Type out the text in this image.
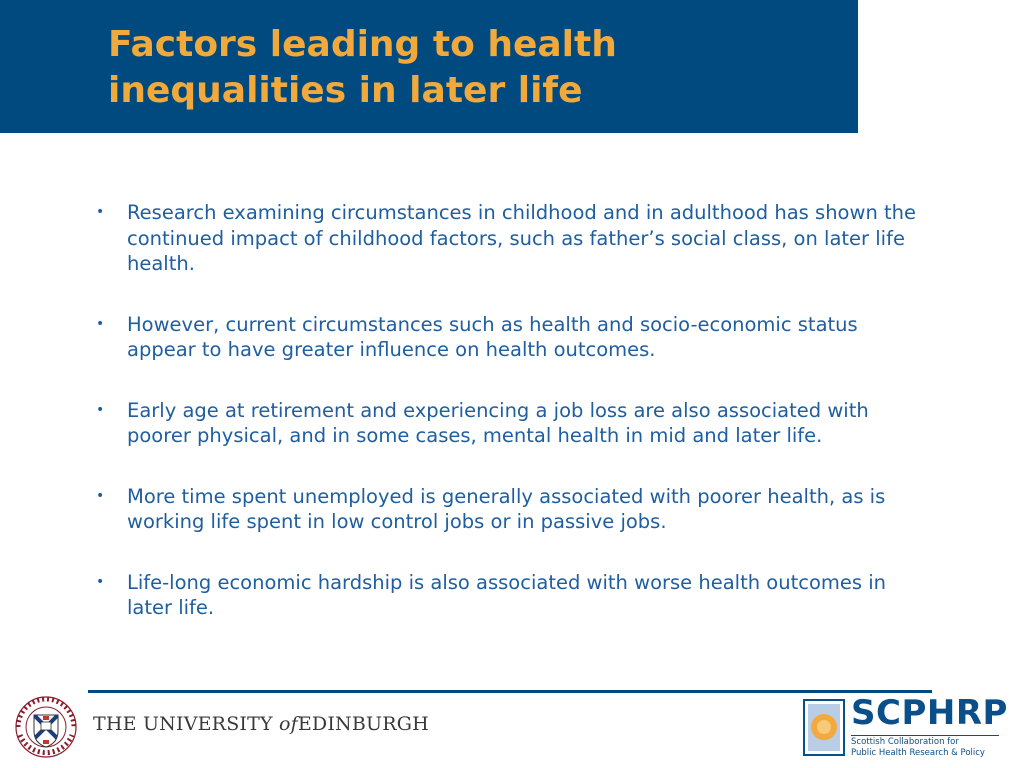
Factors leading to health
inequalities in later life
• Research examining circumstances in childhood and in adulthood has shown the continued impact of childhood factors, such as father’s social class, on later life health.
• However, current circumstances such as health and socio-economic status appear to have greater influence on health outcomes.
• Early age at retirement and experiencing a job loss are also associated with poorer physical, and in some cases, mental health in mid and later life.
• More time spent unemployed is generally associated with poorer health, as is working life spent in low control jobs or in passive jobs.
• Life-long economic hardship is also associated with worse health outcomes in later life.
THE UNIVERSITY ofEDINBURGH	SCPHRP
Scottish Collaboration for
Public Health Research & Policy
